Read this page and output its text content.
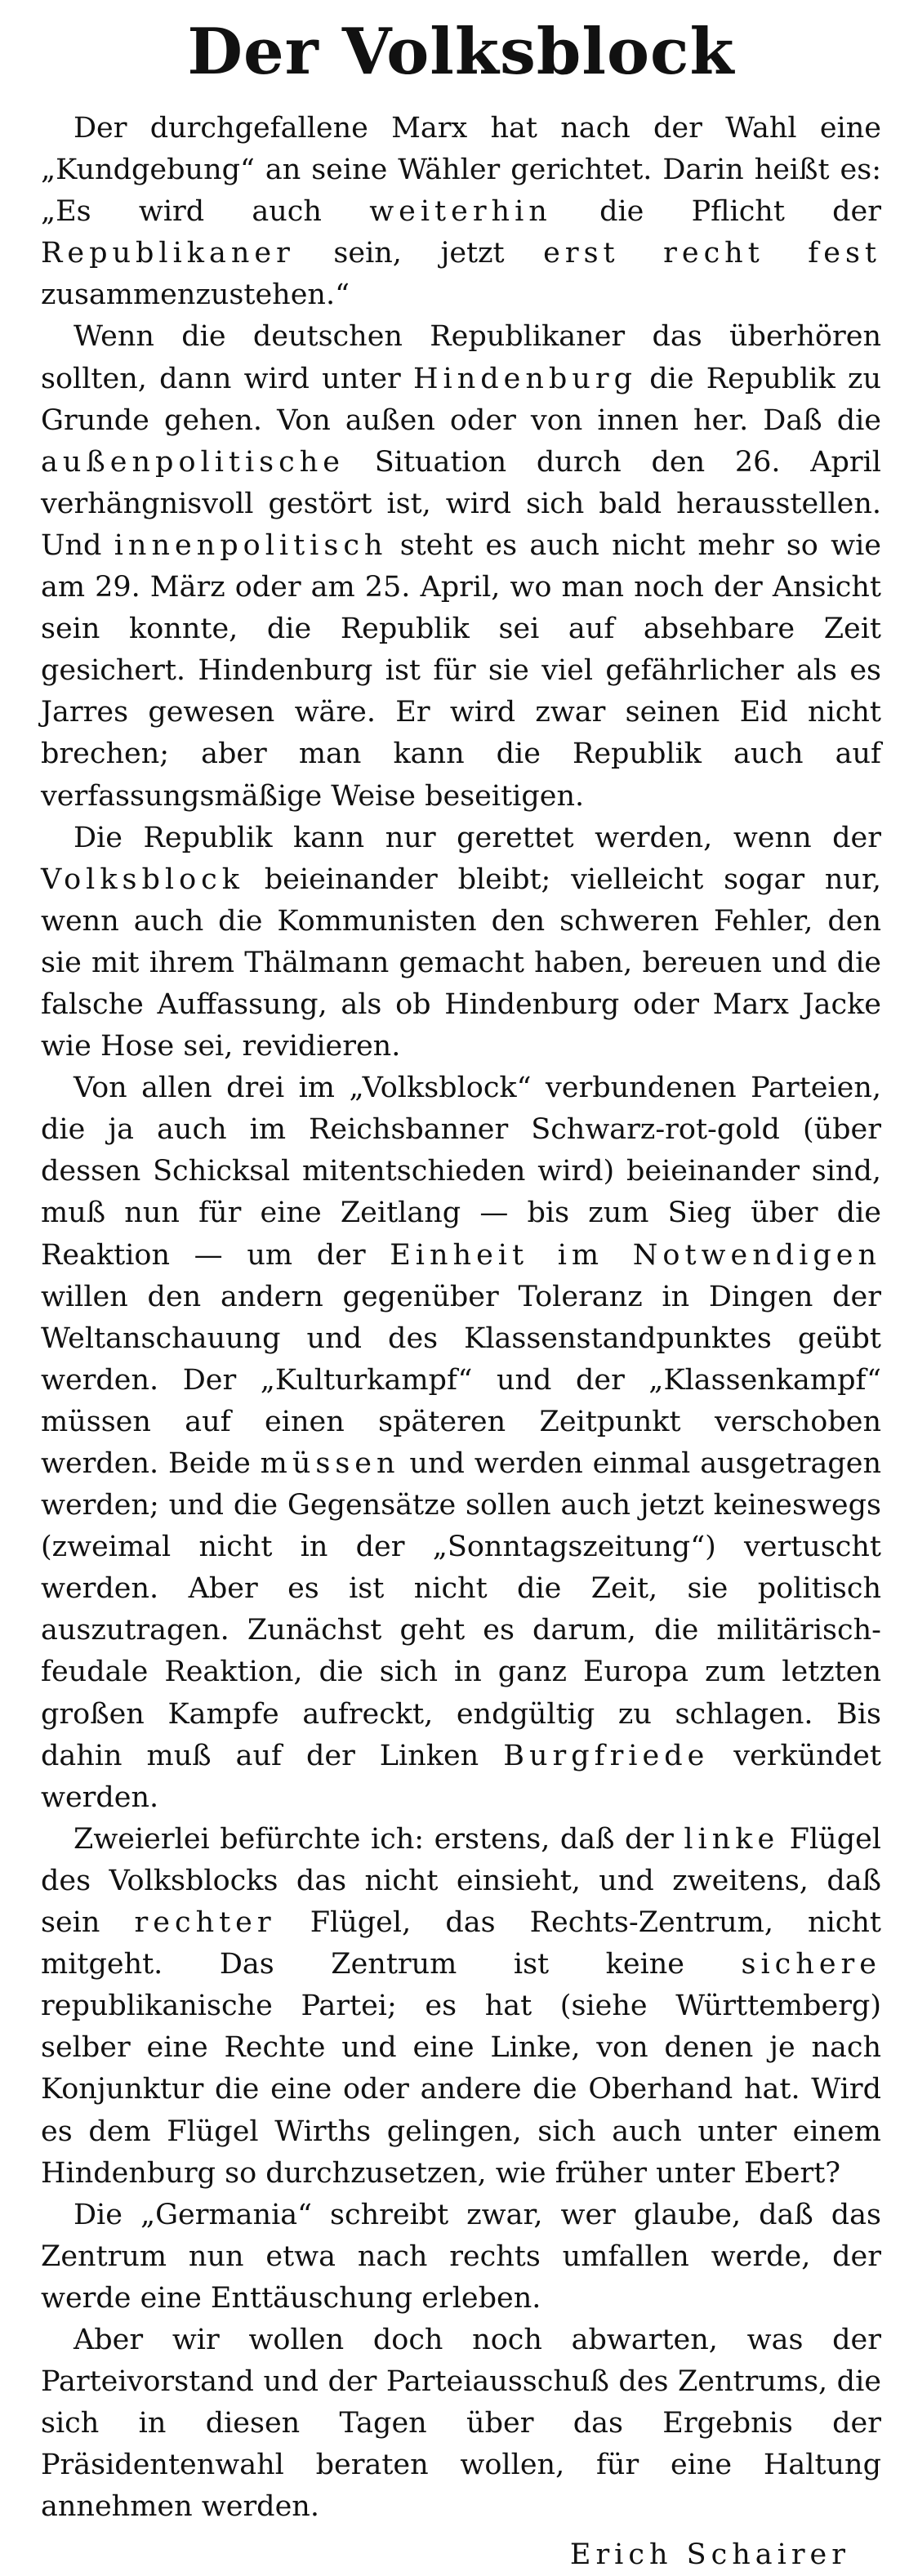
Der Volksblock

Der durchgefallene Marx hat nach der Wahl eine „Kundgebung“ an seine Wähler gerichtet. Darin heißt es: „Es wird auch weiterhin die Pflicht der Republikaner sein, jetzt erst recht fest zusammenzustehen.“

Wenn die deutschen Republikaner das überhören sollten, dann wird unter Hindenburg die Republik zu Grunde gehen. Von außen oder von innen her. Daß die außenpolitische Situation durch den 26. April verhängnisvoll gestört ist, wird sich bald herausstellen. Und innenpolitisch steht es auch nicht mehr so wie am 29. März oder am 25. April, wo man noch der Ansicht sein konnte, die Republik sei auf absehbare Zeit gesichert. Hindenburg ist für sie viel gefährlicher als es Jarres gewesen wäre. Er wird zwar seinen Eid nicht brechen; aber man kann die Republik auch auf verfassungsmäßige Weise beseitigen.

Die Republik kann nur gerettet werden, wenn der Volksblock beieinander bleibt; vielleicht sogar nur, wenn auch die Kommunisten den schweren Fehler, den sie mit ihrem Thälmann gemacht haben, bereuen und die falsche Auffassung, als ob Hindenburg oder Marx Jacke wie Hose sei, revidieren.

Von allen drei im „Volksblock“ verbundenen Parteien, die ja auch im Reichsbanner Schwarz-rot-gold (über dessen Schicksal mitentschieden wird) beieinander sind, muß nun für eine Zeitlang — bis zum Sieg über die Reaktion — um der Einheit im Notwendigen willen den andern gegenüber Toleranz in Dingen der Weltanschauung und des Klassenstandpunktes geübt werden. Der „Kulturkampf“ und der „Klassenkampf“ müssen auf einen späteren Zeitpunkt verschoben werden. Beide müssen und werden einmal ausgetragen werden; und die Gegensätze sollen auch jetzt keineswegs (zweimal nicht in der „Sonntagszeitung“) vertuscht werden. Aber es ist nicht die Zeit, sie politisch auszutragen. Zunächst geht es darum, die militärisch-feudale Reaktion, die sich in ganz Europa zum letzten großen Kampfe aufreckt, endgültig zu schlagen. Bis dahin muß auf der Linken Burgfriede verkündet werden.

Zweierlei befürchte ich: erstens, daß der linke Flügel des Volksblocks das nicht einsieht, und zweitens, daß sein rechter Flügel, das Rechts-Zentrum, nicht mitgeht. Das Zentrum ist keine sichere republikanische Partei; es hat (siehe Württemberg) selber eine Rechte und eine Linke, von denen je nach Konjunktur die eine oder andere die Oberhand hat. Wird es dem Flügel Wirths gelingen, sich auch unter einem Hindenburg so durchzusetzen, wie früher unter Ebert?

Die „Germania“ schreibt zwar, wer glaube, daß das Zentrum nun etwa nach rechts umfallen werde, der werde eine Enttäuschung erleben.

Aber wir wollen doch noch abwarten, was der Parteivorstand und der Parteiausschuß des Zentrums, die sich in diesen Tagen über das Ergebnis der Präsidentenwahl beraten wollen, für eine Haltung annehmen werden.

Erich Schairer
